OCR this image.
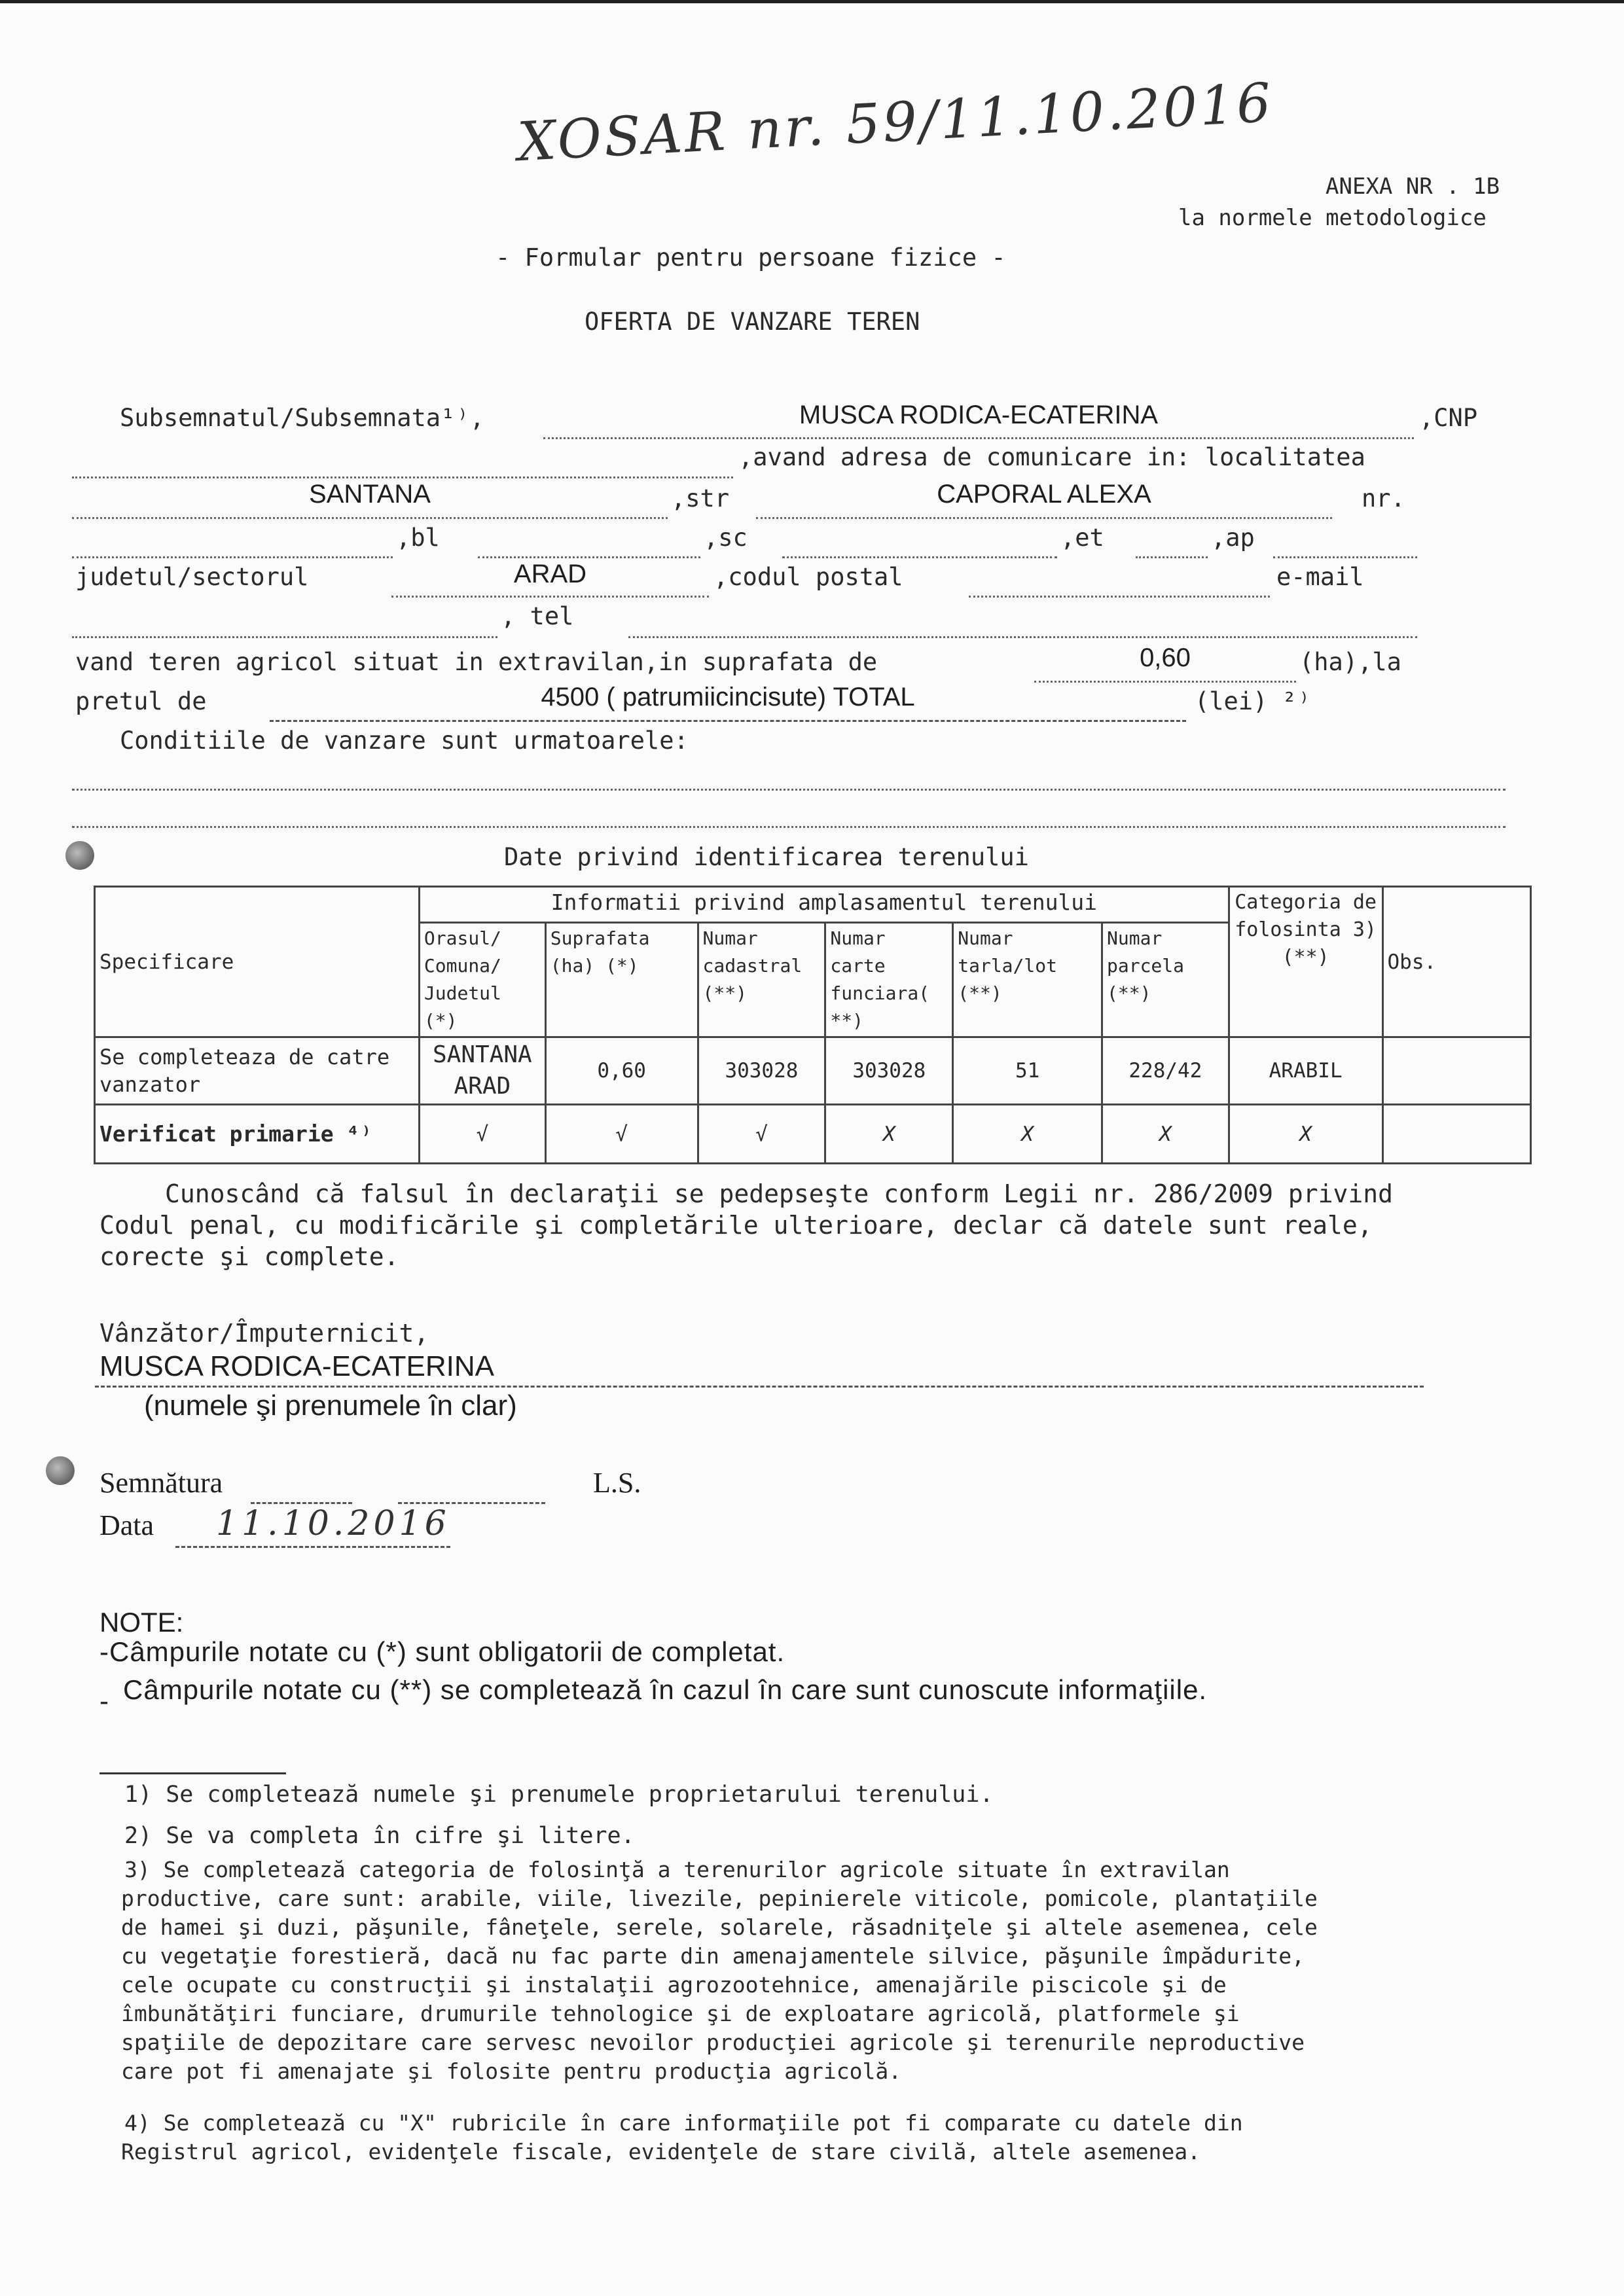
XOSAR nr. 59/11.10.2016
ANEXA NR . 1B
la normele metodologice
- Formular pentru persoane fizice -
OFERTA DE VANZARE TEREN
Subsemnatul/Subsemnata¹⁾,	MUSCA RODICA-ECATERINA	,CNP
,avand adresa de comunicare in: localitatea
SANTANA	,str	CAPORAL ALEXA	nr.
,bl	,sc	,et	,ap
judetul/sectorul	ARAD	,codul postal	e-mail
, tel
vand teren agricol situat in extravilan,in suprafata de	0,60	(ha),la
pretul de	4500 ( patrumiicincisute) TOTAL	(lei) ²⁾
Conditiile de vanzare sunt urmatoarele:
Date privind identificarea terenului
Specificare	Informatii privind amplasamentul terenului						Categoria de folosinta 3) (**)	Obs.
	Orasul/ Comuna/ Judetul (*)	Suprafata (ha) (*)	Numar cadastral (**)	Numar carte funciara( **)	Numar tarla/lot (**)	Numar parcela (**)		
Se completeaza de catre vanzator	SANTANA ARAD	0,60	303028	303028	51	228/42	ARABIL	
Verificat primarie ⁴⁾	√	√	√	X	X	X	X	
Cunoscând că falsul în declaraţii se pedepseşte conform Legii nr. 286/2009 privind
Codul penal, cu modificările şi completările ulterioare, declar că datele sunt reale,
corecte şi complete.
Vânzător/Împuternicit,
MUSCA RODICA-ECATERINA
(numele şi prenumele în clar)
Semnătura	L.S.
Data 11.10.2016
NOTE:
-Câmpurile notate cu (*) sunt obligatorii de completat.
Câmpurile notate cu (**) se completează în cazul în care sunt cunoscute informaţiile.
-
1) Se completează numele şi prenumele proprietarului terenului.
2) Se va completa în cifre şi litere.
3) Se completează categoria de folosinţă a terenurilor agricole situate în extravilan
productive, care sunt: arabile, viile, livezile, pepinierele viticole, pomicole, plantaţiile
de hamei şi duzi, păşunile, fâneţele, serele, solarele, răsadniţele şi altele asemenea, cele
cu vegetaţie forestieră, dacă nu fac parte din amenajamentele silvice, păşunile împădurite,
cele ocupate cu construcţii şi instalaţii agrozootehnice, amenajările piscicole şi de
îmbunătăţiri funciare, drumurile tehnologice şi de exploatare agricolă, platformele şi
spaţiile de depozitare care servesc nevoilor producţiei agricole şi terenurile neproductive
care pot fi amenajate şi folosite pentru producţia agricolă.
4) Se completează cu "X" rubricile în care informaţiile pot fi comparate cu datele din
Registrul agricol, evidenţele fiscale, evidenţele de stare civilă, altele asemenea.
